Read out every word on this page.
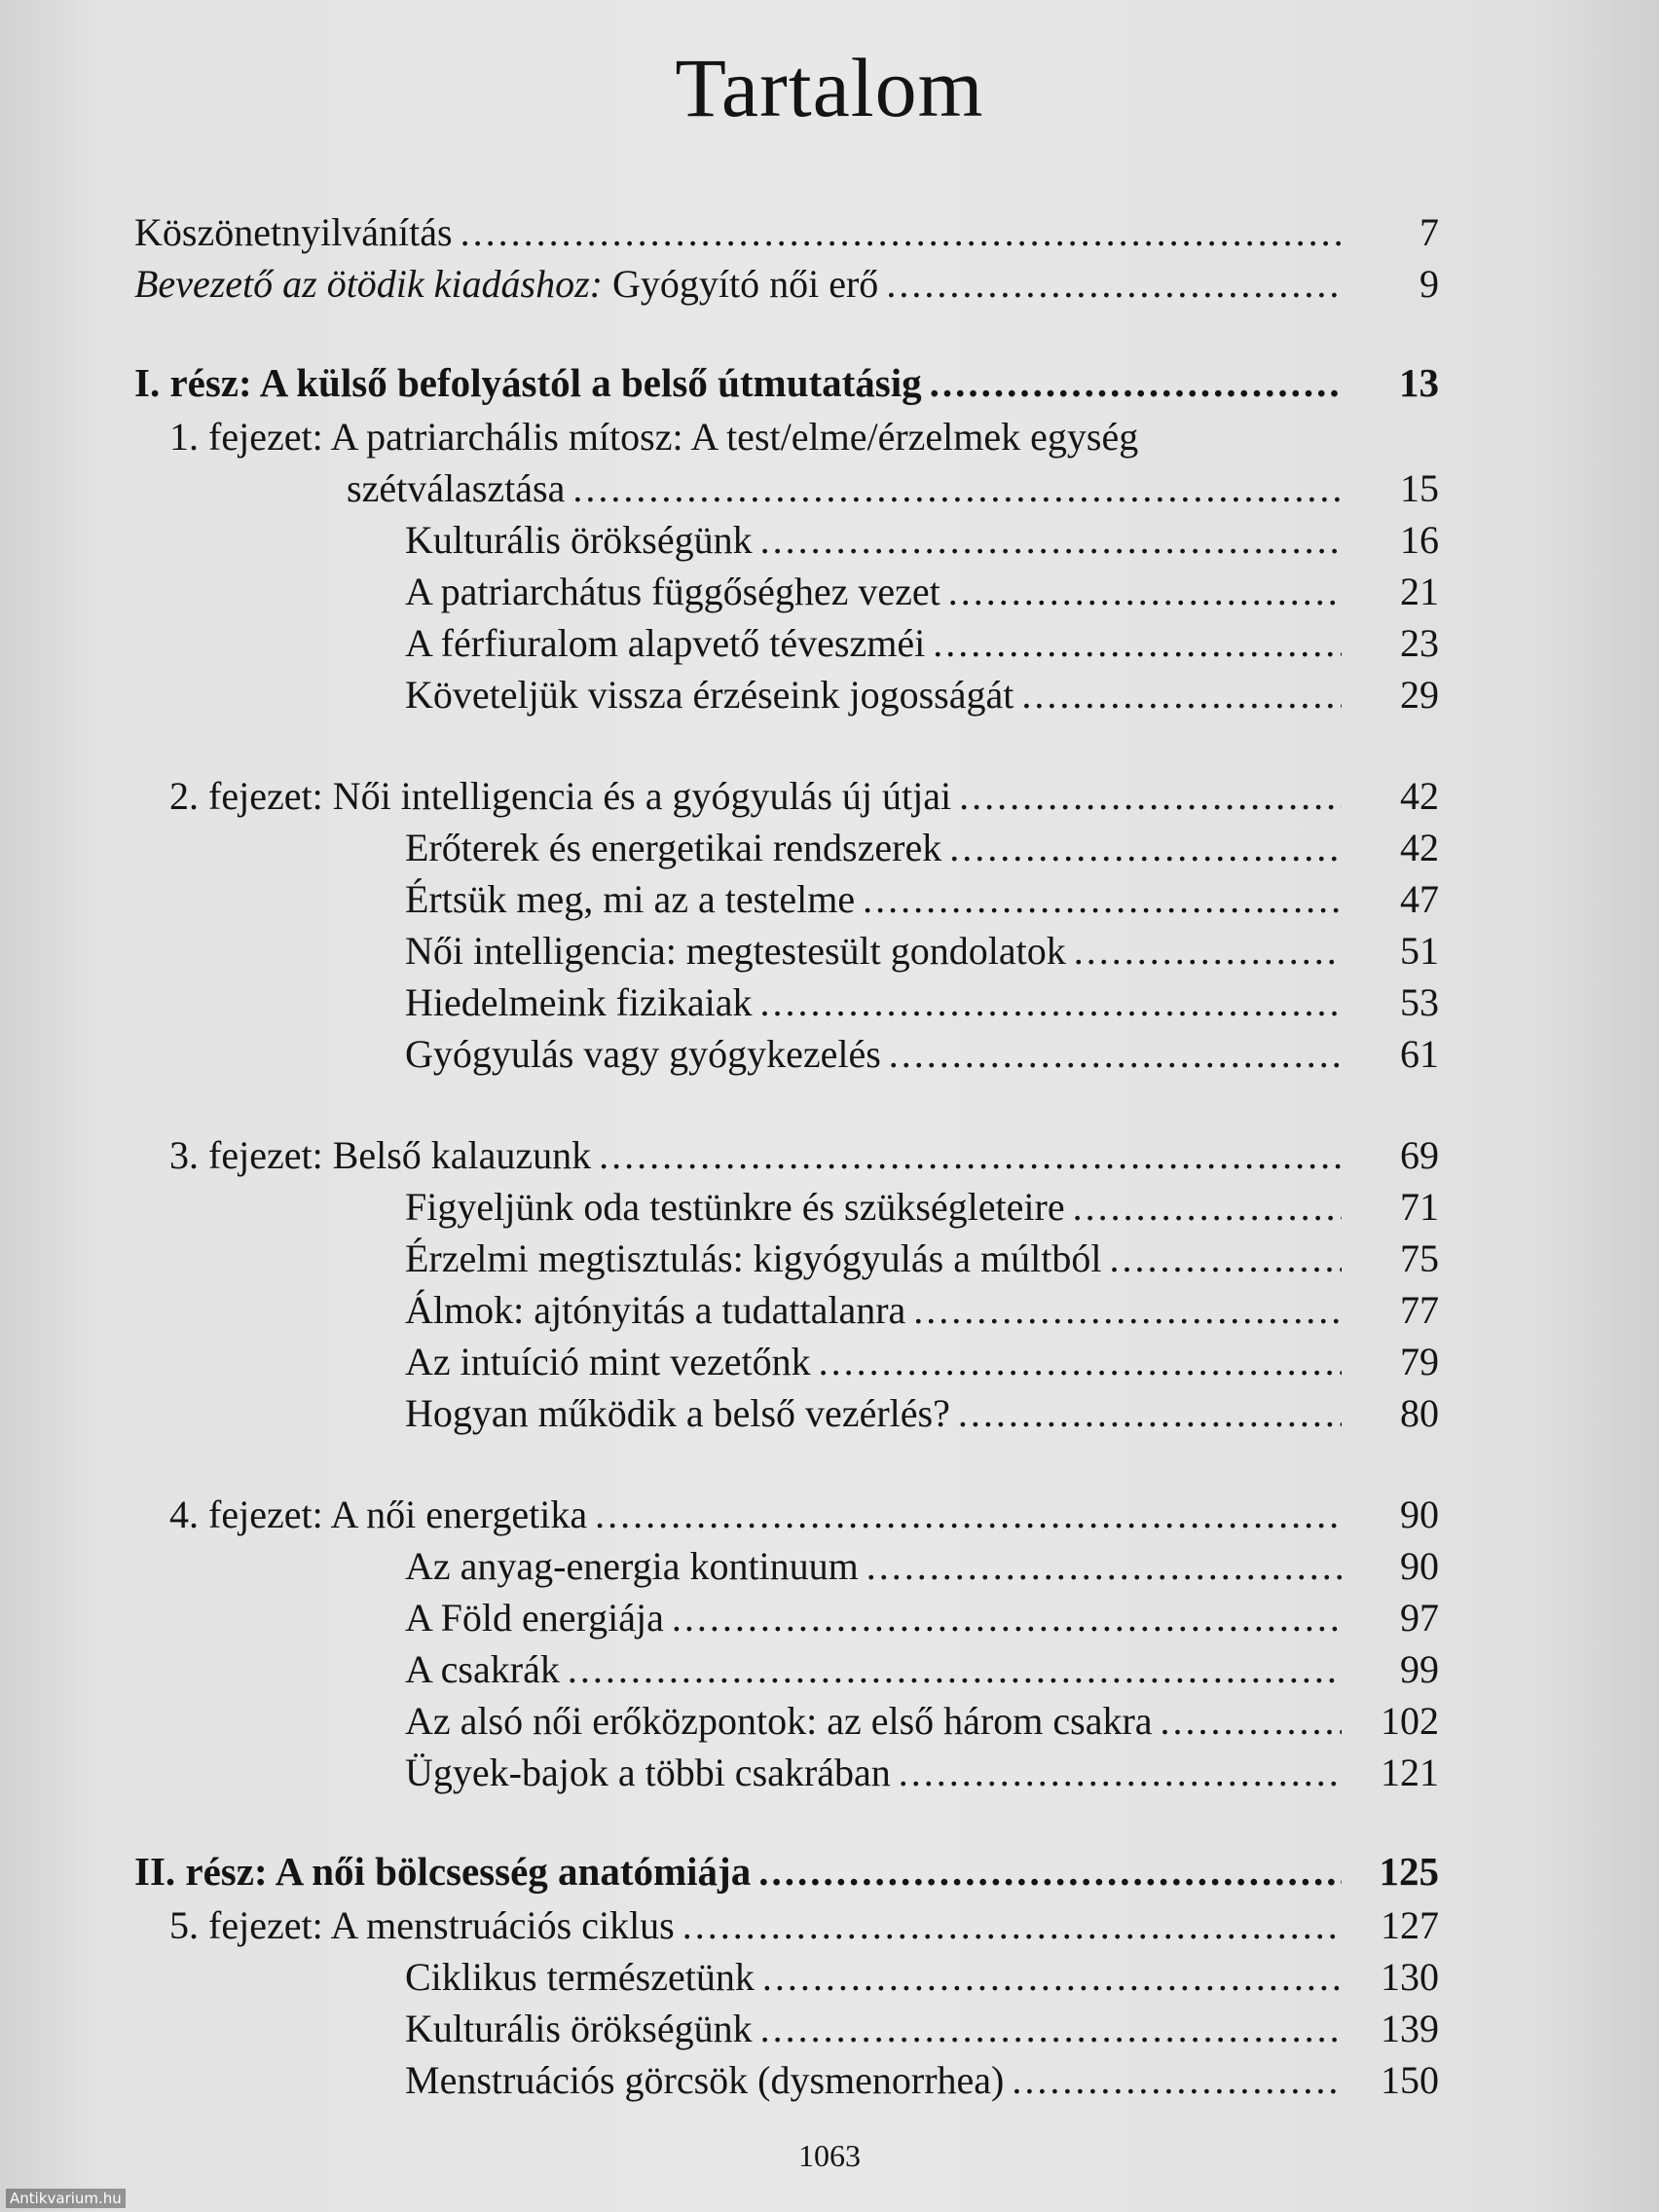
Tartalom
Köszönetnyilvánítás .....	7
Bevezető az ötödik kiadáshoz: Gyógyító női erő .....	9
I. rész: A külső befolyástól a belső útmutatásig .....	13
1. fejezet: A patriarchális mítosz: A test/elme/érzelmek egység
szétválasztása .....	15
Kulturális örökségünk .....	16
A patriarchátus függőséghez vezet .....	21
A férfiuralom alapvető téveszméi .....	23
Követeljük vissza érzéseink jogosságát .....	29
2. fejezet: Női intelligencia és a gyógyulás új útjai .....	42
Erőterek és energetikai rendszerek .....	42
Értsük meg, mi az a testelme .....	47
Női intelligencia: megtestesült gondolatok .....	51
Hiedelmeink fizikaiak .....	53
Gyógyulás vagy gyógykezelés .....	61
3. fejezet: Belső kalauzunk .....	69
Figyeljünk oda testünkre és szükségleteire .....	71
Érzelmi megtisztulás: kigyógyulás a múltból .....	75
Álmok: ajtónyitás a tudattalanra .....	77
Az intuíció mint vezetőnk .....	79
Hogyan működik a belső vezérlés? .....	80
4. fejezet: A női energetika .....	90
Az anyag-energia kontinuum .....	90
A Föld energiája .....	97
A csakrák .....	99
Az alsó női erőközpontok: az első három csakra .....	102
Ügyek-bajok a többi csakrában .....	121
II. rész: A női bölcsesség anatómiája .....	125
5. fejezet: A menstruációs ciklus .....	127
Ciklikus természetünk .....	130
Kulturális örökségünk .....	139
Menstruációs görcsök (dysmenorrhea) .....	150
1063
Antikvarium.hu
